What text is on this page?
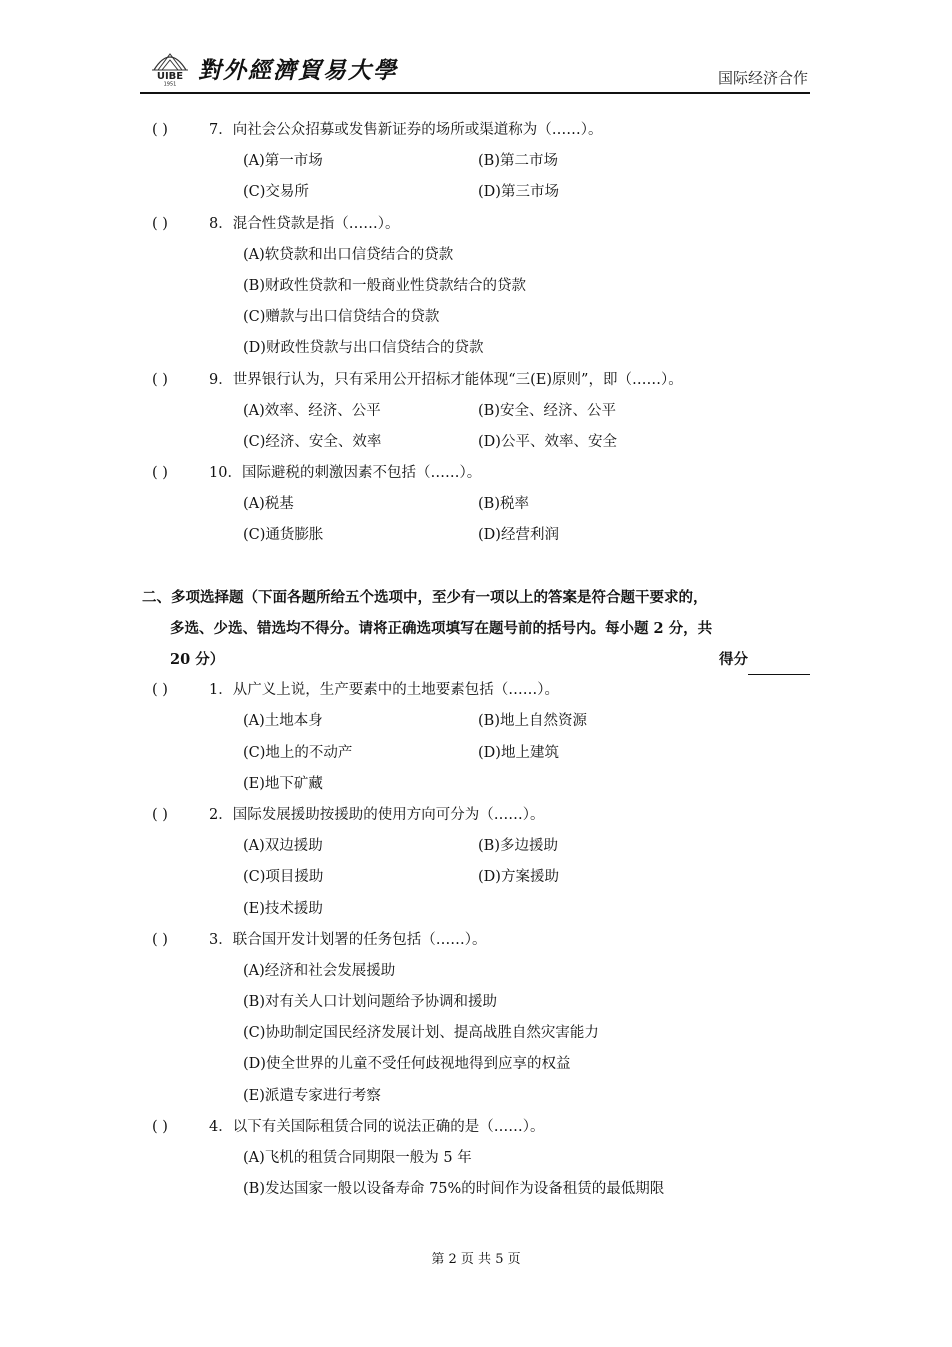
UIBE
1951
對外經濟貿易大學	国际经济合作
( )	7．向社会公众招募或发售新证券的场所或渠道称为（……）。
(A)第一市场	(B)第二市场
(C)交易所	(D)第三市场
( )	8．混合性贷款是指（……）。
(A)软贷款和出口信贷结合的贷款
(B)财政性贷款和一般商业性贷款结合的贷款
(C)赠款与出口信贷结合的贷款
(D)财政性贷款与出口信贷结合的贷款
( )	9．世界银行认为，只有采用公开招标才能体现“三(E)原则”，即（……）。
(A)效率、经济、公平	(B)安全、经济、公平
(C)经济、安全、效率	(D)公平、效率、安全
( )	10．国际避税的刺激因素不包括（……）。
(A)税基	(B)税率
(C)通货膨胀	(D)经营利润
二、多项选择题（下面各题所给五个选项中，至少有一项以上的答案是符合题干要求的，
多选、少选、错选均不得分。请将正确选项填写在题号前的括号内。每小题 2 分，共
20 分）	得分
( )	1．从广义上说，生产要素中的土地要素包括（……）。
(A)土地本身	(B)地上自然资源
(C)地上的不动产	(D)地上建筑
(E)地下矿藏
( )	2．国际发展援助按援助的使用方向可分为（……）。
(A)双边援助	(B)多边援助
(C)项目援助	(D)方案援助
(E)技术援助
( )	3．联合国开发计划署的任务包括（……）。
(A)经济和社会发展援助
(B)对有关人口计划问题给予协调和援助
(C)协助制定国民经济发展计划、提高战胜自然灾害能力
(D)使全世界的儿童不受任何歧视地得到应享的权益
(E)派遣专家进行考察
( )	4．以下有关国际租赁合同的说法正确的是（……）。
(A)飞机的租赁合同期限一般为 5 年
(B)发达国家一般以设备寿命 75%的时间作为设备租赁的最低期限
第 2 页 共 5 页
